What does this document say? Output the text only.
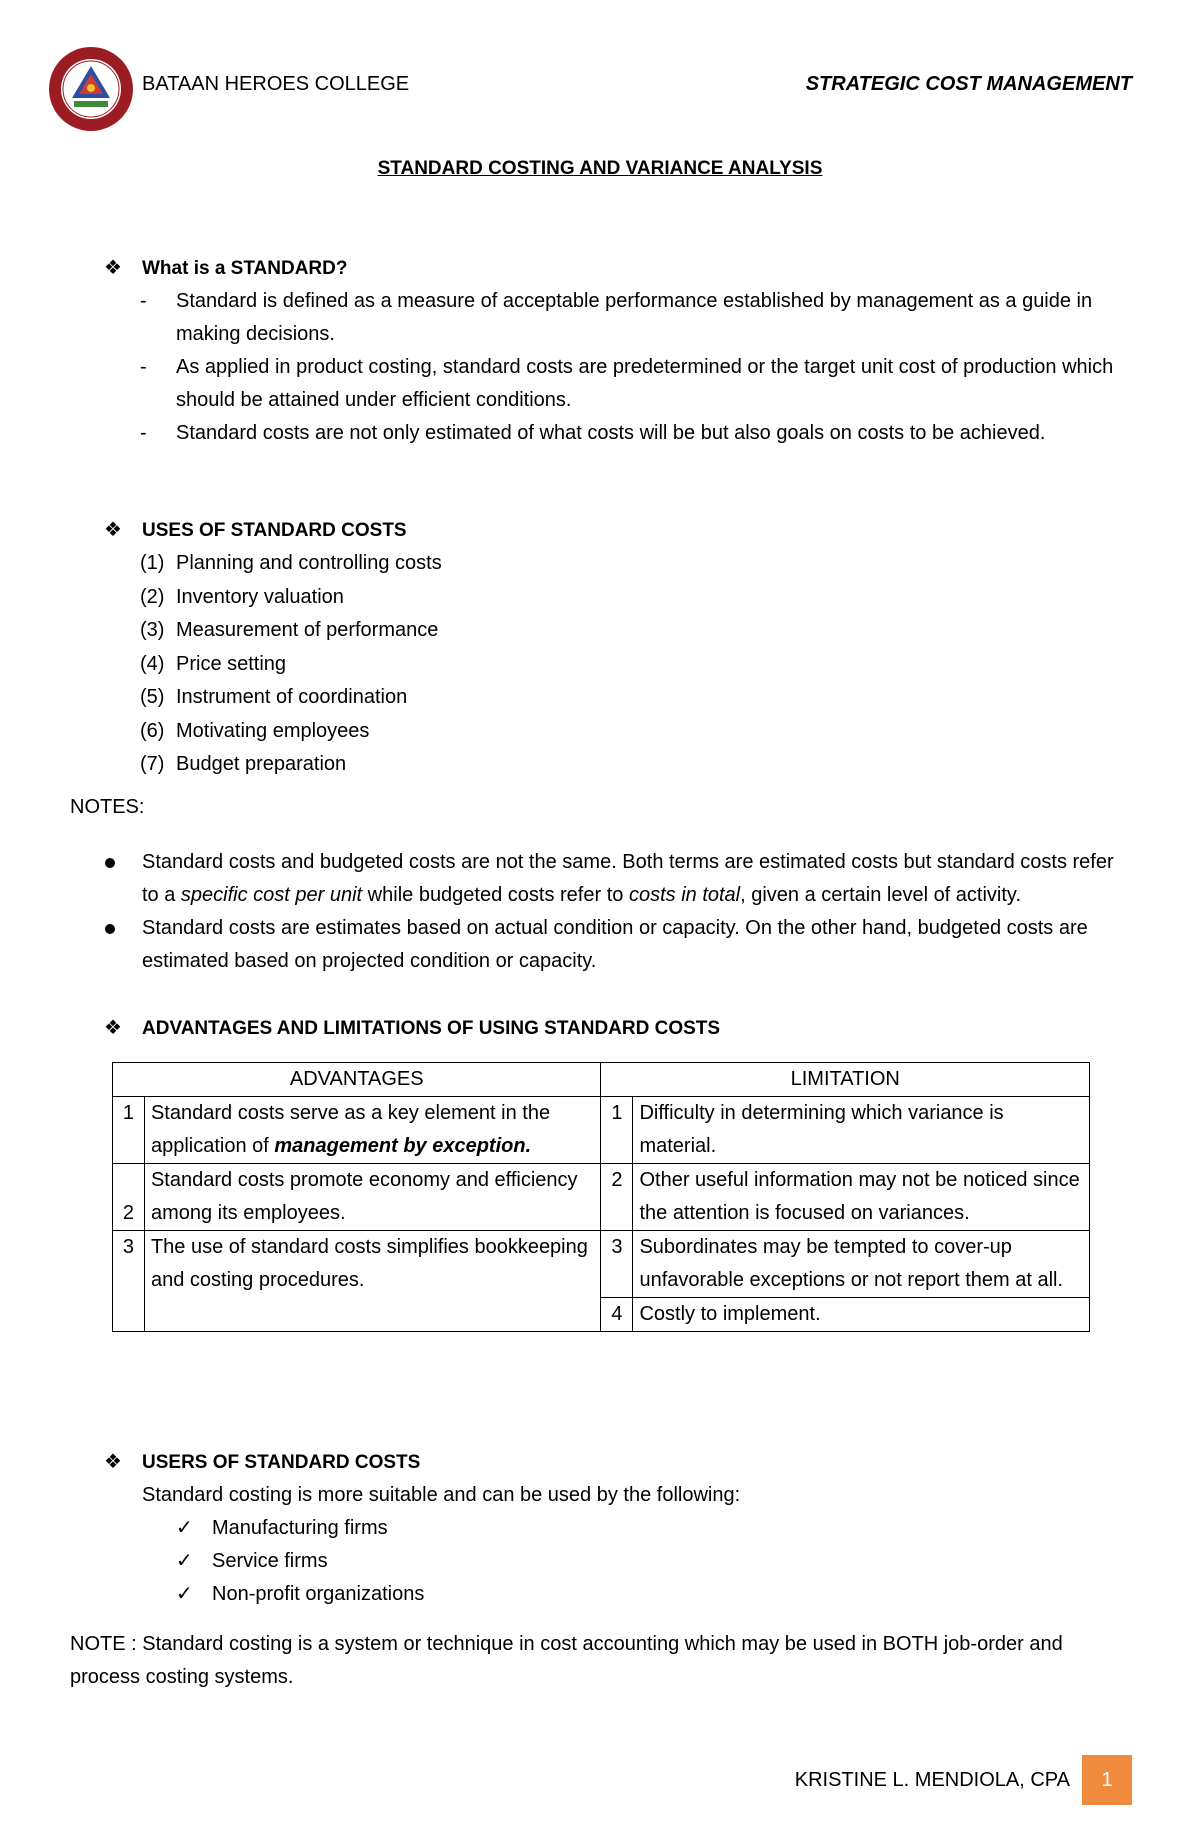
BATAAN HEROES COLLEGE	STRATEGIC COST MANAGEMENT
STANDARD COSTING AND VARIANCE ANALYSIS
❖ What is a STANDARD?
- Standard is defined as a measure of acceptable performance established by management as a guide in making decisions.
- As applied in product costing, standard costs are predetermined or the target unit cost of production which should be attained under efficient conditions.
- Standard costs are not only estimated of what costs will be but also goals on costs to be achieved.
❖ USES OF STANDARD COSTS
(1) Planning and controlling costs
(2) Inventory valuation
(3) Measurement of performance
(4) Price setting
(5) Instrument of coordination
(6) Motivating employees
(7) Budget preparation
NOTES:
Standard costs and budgeted costs are not the same. Both terms are estimated costs but standard costs refer to a specific cost per unit while budgeted costs refer to costs in total, given a certain level of activity.
Standard costs are estimates based on actual condition or capacity. On the other hand, budgeted costs are estimated based on projected condition or capacity.
❖ ADVANTAGES AND LIMITATIONS OF USING STANDARD COSTS
ADVANTAGES		LIMITATION	
1	Standard costs serve as a key element in the application of management by exception.	1	Difficulty in determining which variance is material.
2	Standard costs promote economy and efficiency among its employees.	2	Other useful information may not be noticed since the attention is focused on variances.
3	The use of standard costs simplifies bookkeeping and costing procedures.	3	Subordinates may be tempted to cover-up unfavorable exceptions or not report them at all.
		4	Costly to implement.
❖ USERS OF STANDARD COSTS
Standard costing is more suitable and can be used by the following:
✓ Manufacturing firms
✓ Service firms
✓ Non-profit organizations
NOTE : Standard costing is a system or technique in cost accounting which may be used in BOTH job-order and process costing systems.
KRISTINE L. MENDIOLA, CPA	1
